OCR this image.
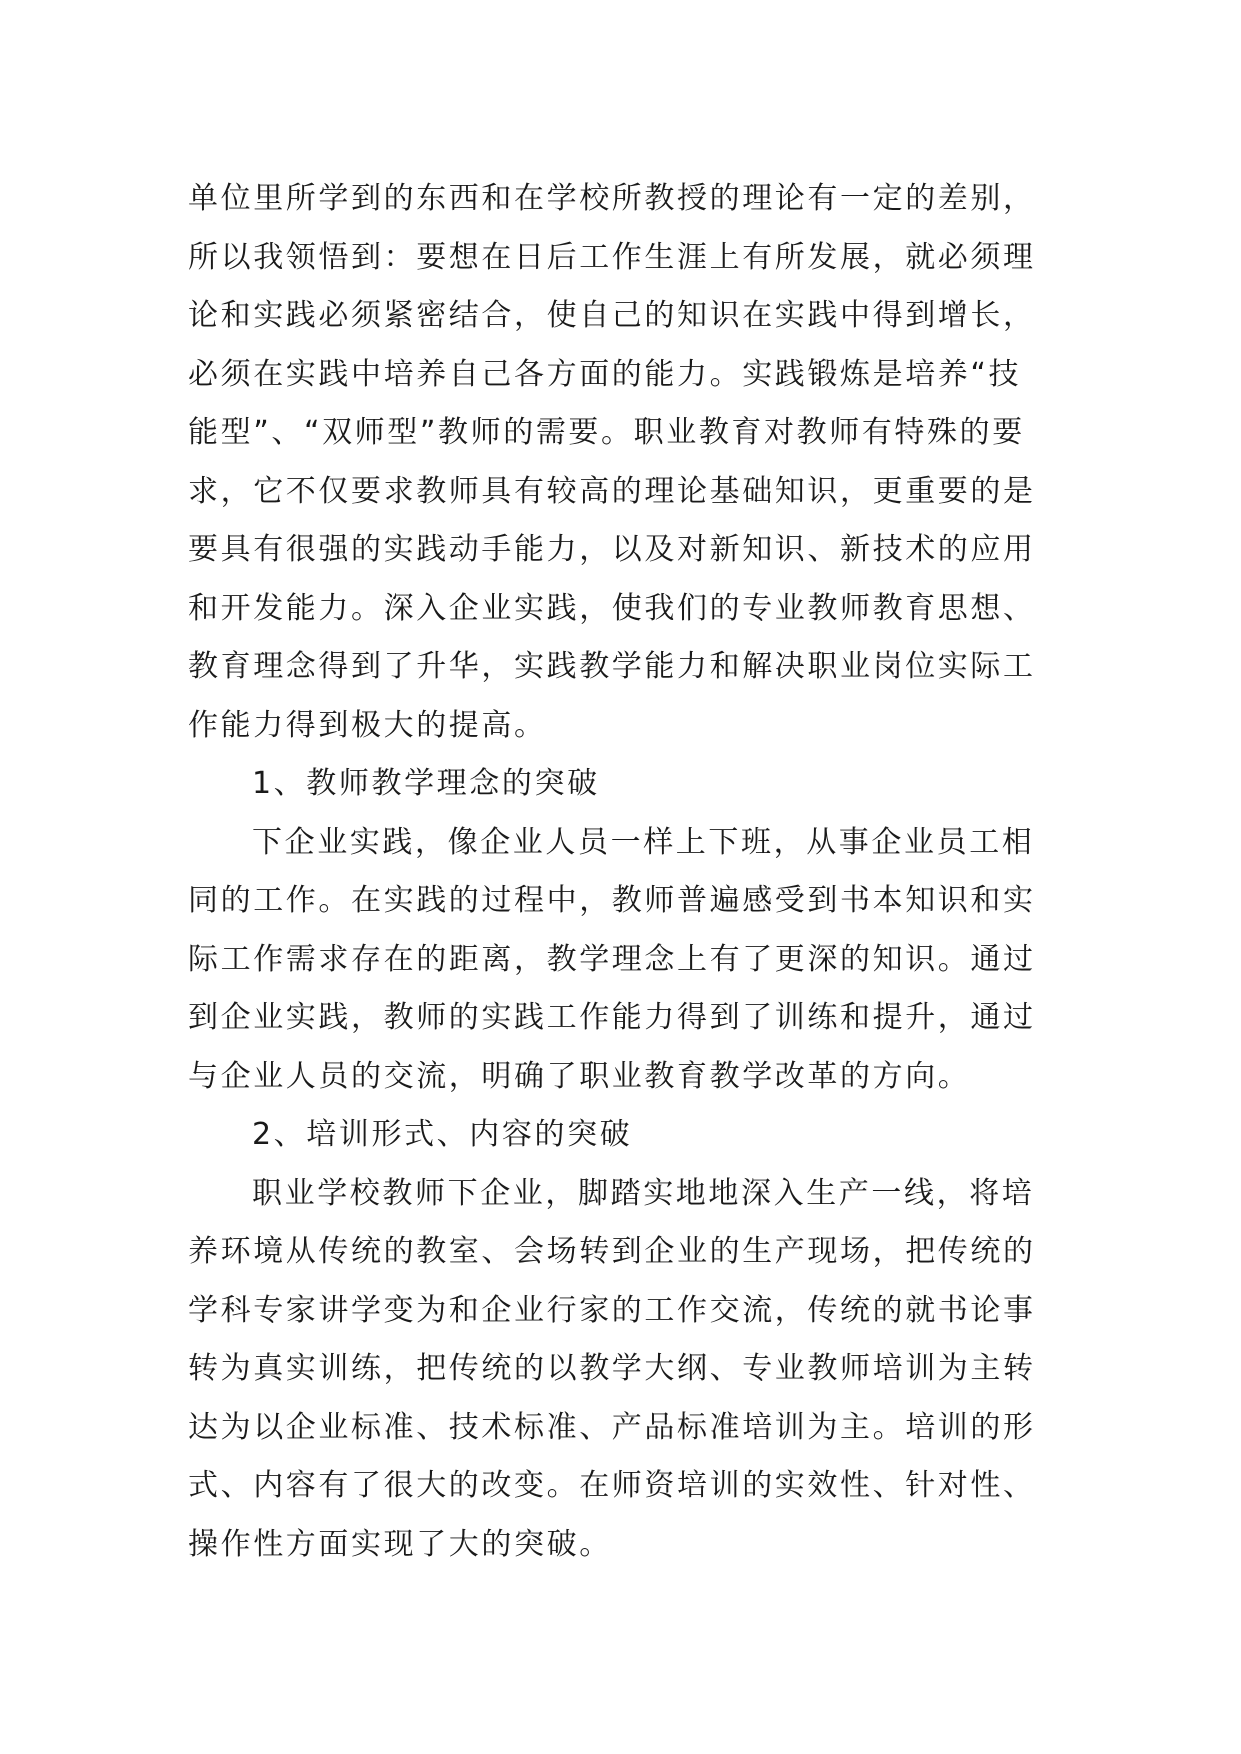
单位里所学到的东西和在学校所教授的理论有一定的差别，
所以我领悟到：要想在日后工作生涯上有所发展，就必须理
论和实践必须紧密结合，使自己的知识在实践中得到增长，
必须在实践中培养自己各方面的能力。实践锻炼是培养“技
能型”、“双师型”教师的需要。职业教育对教师有特殊的要
求，它不仅要求教师具有较高的理论基础知识，更重要的是
要具有很强的实践动手能力，以及对新知识、新技术的应用
和开发能力。深入企业实践，使我们的专业教师教育思想、
教育理念得到了升华，实践教学能力和解决职业岗位实际工
作能力得到极大的提高。
1、教师教学理念的突破
下企业实践，像企业人员一样上下班，从事企业员工相
同的工作。在实践的过程中，教师普遍感受到书本知识和实
际工作需求存在的距离，教学理念上有了更深的知识。通过
到企业实践，教师的实践工作能力得到了训练和提升，通过
与企业人员的交流，明确了职业教育教学改革的方向。
2、培训形式、内容的突破
职业学校教师下企业，脚踏实地地深入生产一线，将培
养环境从传统的教室、会场转到企业的生产现场，把传统的
学科专家讲学变为和企业行家的工作交流，传统的就书论事
转为真实训练，把传统的以教学大纲、专业教师培训为主转
达为以企业标准、技术标准、产品标准培训为主。培训的形
式、内容有了很大的改变。在师资培训的实效性、针对性、
操作性方面实现了大的突破。
